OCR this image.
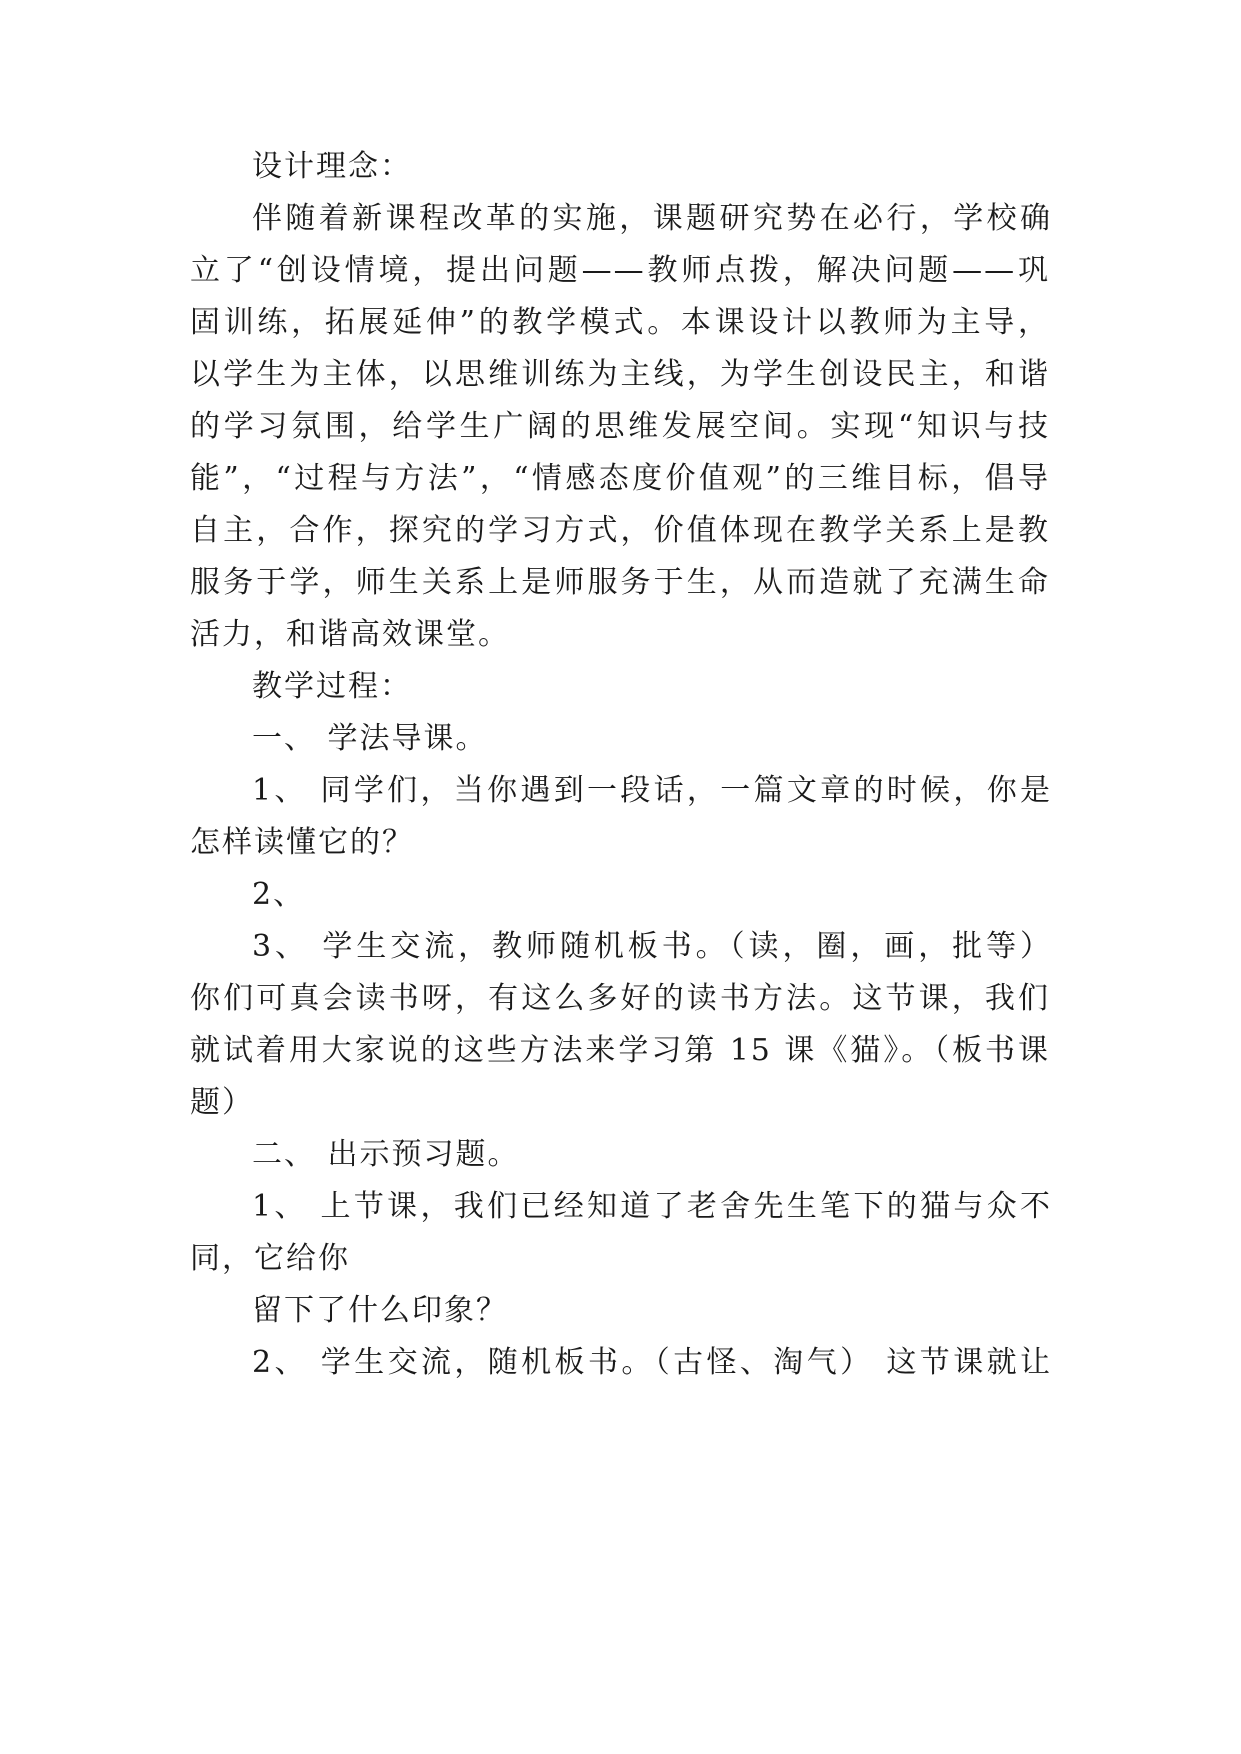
设计理念：
伴随着新课程改革的实施，课题研究势在必行，学校确
立了“创设情境，提出问题——教师点拨，解决问题——巩
固训练，拓展延伸”的教学模式。本课设计以教师为主导，
以学生为主体，以思维训练为主线，为学生创设民主，和谐
的学习氛围，给学生广阔的思维发展空间。实现“知识与技
能”，“过程与方法”，“情感态度价值观”的三维目标，倡导
自主，合作，探究的学习方式，价值体现在教学关系上是教
服务于学，师生关系上是师服务于生，从而造就了充满生命
活力，和谐高效课堂。
教学过程：
一、 学法导课。
1、 同学们，当你遇到一段话，一篇文章的时候，你是
怎样读懂它的？
2、
3、 学生交流，教师随机板书。（读，圈，画，批等）
你们可真会读书呀，有这么多好的读书方法。这节课，我们
就试着用大家说的这些方法来学习第 15 课《猫》。（板书课
题）
二、 出示预习题。
1、 上节课，我们已经知道了老舍先生笔下的猫与众不
同，它给你
留下了什么印象？
2、 学生交流，随机板书。（古怪、淘气） 这节课就让
